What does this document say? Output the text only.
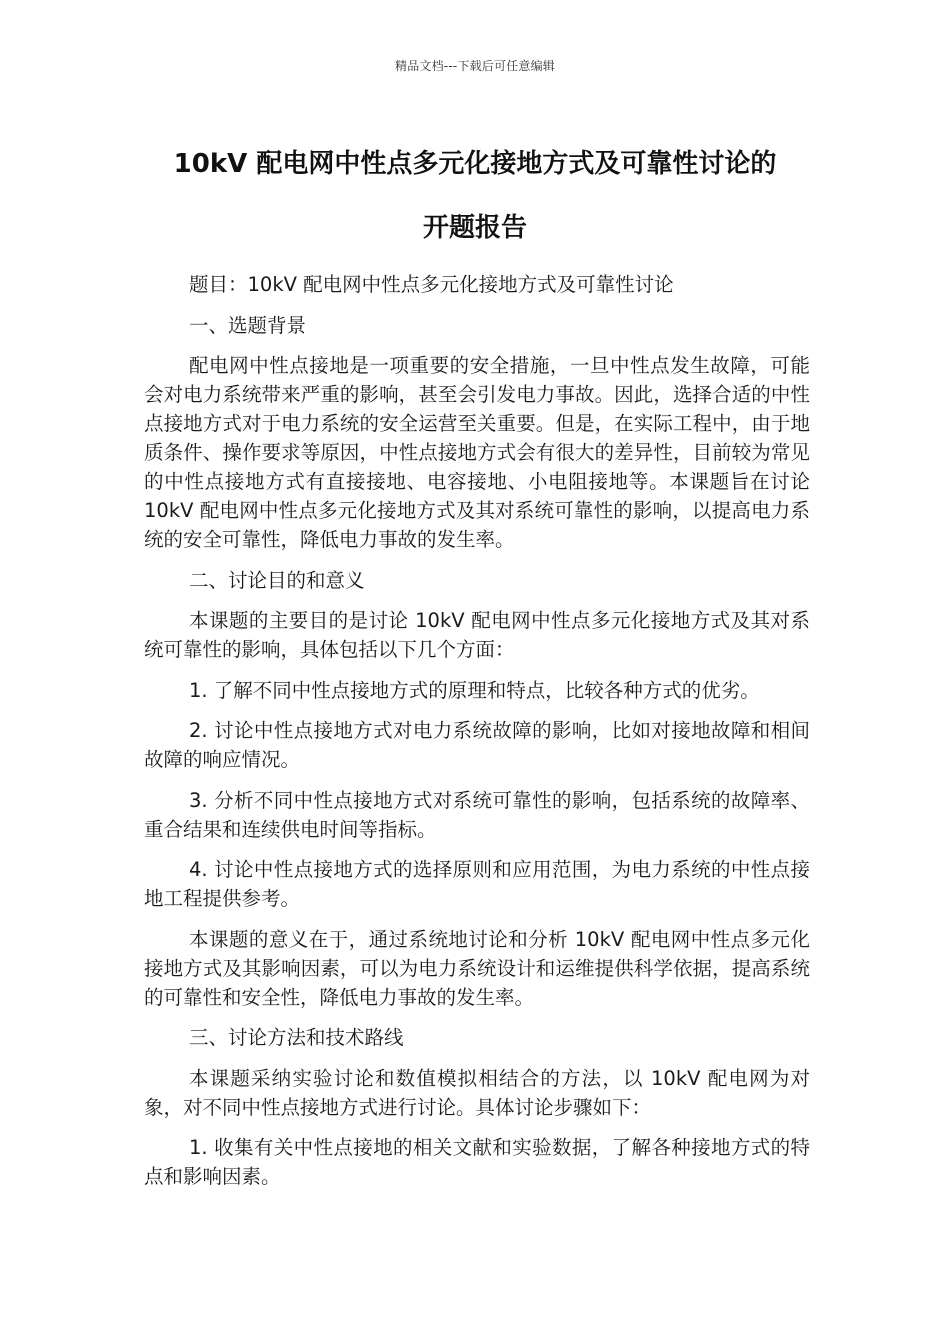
精品文档---下载后可任意编辑
10kV 配电网中性点多元化接地方式及可靠性讨论的
开题报告

题目：10kV 配电网中性点多元化接地方式及可靠性讨论

一、选题背景

配电网中性点接地是一项重要的安全措施，一旦中性点发生故障，可能会对电力系统带来严重的影响，甚至会引发电力事故。因此，选择合适的中性点接地方式对于电力系统的安全运营至关重要。但是，在实际工程中，由于地质条件、操作要求等原因，中性点接地方式会有很大的差异性，目前较为常见的中性点接地方式有直接接地、电容接地、小电阻接地等。本课题旨在讨论 10kV 配电网中性点多元化接地方式及其对系统可靠性的影响，以提高电力系统的安全可靠性，降低电力事故的发生率。

二、讨论目的和意义

本课题的主要目的是讨论 10kV 配电网中性点多元化接地方式及其对系统可靠性的影响，具体包括以下几个方面：

1. 了解不同中性点接地方式的原理和特点，比较各种方式的优劣。

2. 讨论中性点接地方式对电力系统故障的影响，比如对接地故障和相间故障的响应情况。

3. 分析不同中性点接地方式对系统可靠性的影响，包括系统的故障率、重合结果和连续供电时间等指标。

4. 讨论中性点接地方式的选择原则和应用范围，为电力系统的中性点接地工程提供参考。

本课题的意义在于，通过系统地讨论和分析 10kV 配电网中性点多元化接地方式及其影响因素，可以为电力系统设计和运维提供科学依据，提高系统的可靠性和安全性，降低电力事故的发生率。

三、讨论方法和技术路线

本课题采纳实验讨论和数值模拟相结合的方法，以 10kV 配电网为对象，对不同中性点接地方式进行讨论。具体讨论步骤如下：

1. 收集有关中性点接地的相关文献和实验数据，了解各种接地方式的特点和影响因素。
